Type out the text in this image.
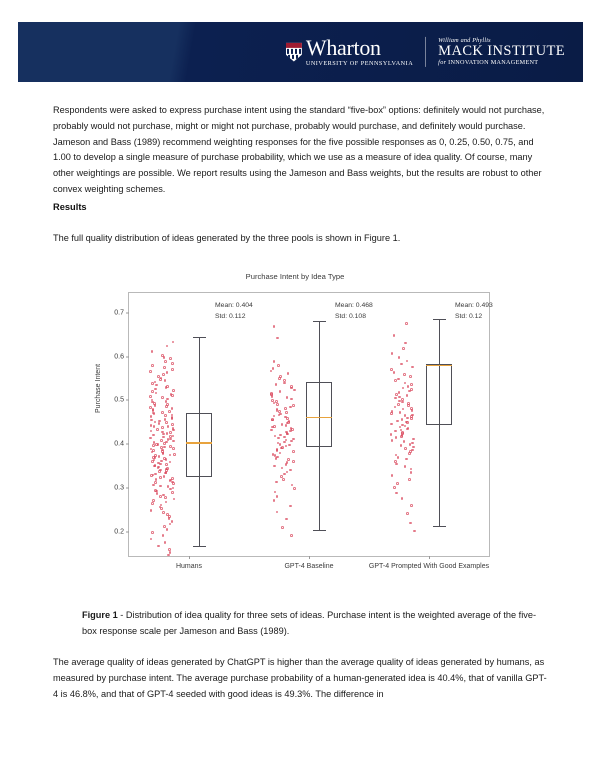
Wharton
UNIVERSITY OF PENNSYLVANIA
William and Phyllis
MACK INSTITUTE
for INNOVATION MANAGEMENT

Respondents were asked to express purchase intent using the standard “five-box” options: definitely would not purchase, probably would not purchase, might or might not purchase, probably would purchase, and definitely would purchase. Jameson and Bass (1989) recommend weighting responses for the five possible responses as 0, 0.25, 0.50, 0.75, and 1.00 to develop a single measure of purchase probability, which we use as a measure of idea quality. Of course, many other weightings are possible. We report results using the Jameson and Bass weights, but the results are robust to other convex weighting schemes.

Results

The full quality distribution of ideas generated by the three pools is shown in Figure 1.

Purchase Intent by Idea Type
Purchase Intent
0.2
0.3
0.4
0.5
0.6
0.7
Humans
Mean: 0.404
Std: 0.112
GPT-4 Baseline
Mean: 0.468
Std: 0.108
GPT-4 Prompted With Good Examples
Mean: 0.493
Std: 0.12
Figure 1 - Distribution of idea quality for three sets of ideas. Purchase intent is the weighted average of the five-box response scale per Jameson and Bass (1989).

The average quality of ideas generated by ChatGPT is higher than the average quality of ideas generated by humans, as measured by purchase intent. The average purchase probability of a human-generated idea is 40.4%, that of vanilla GPT-4 is 46.8%, and that of GPT-4 seeded with good ideas is 49.3%. The difference in
